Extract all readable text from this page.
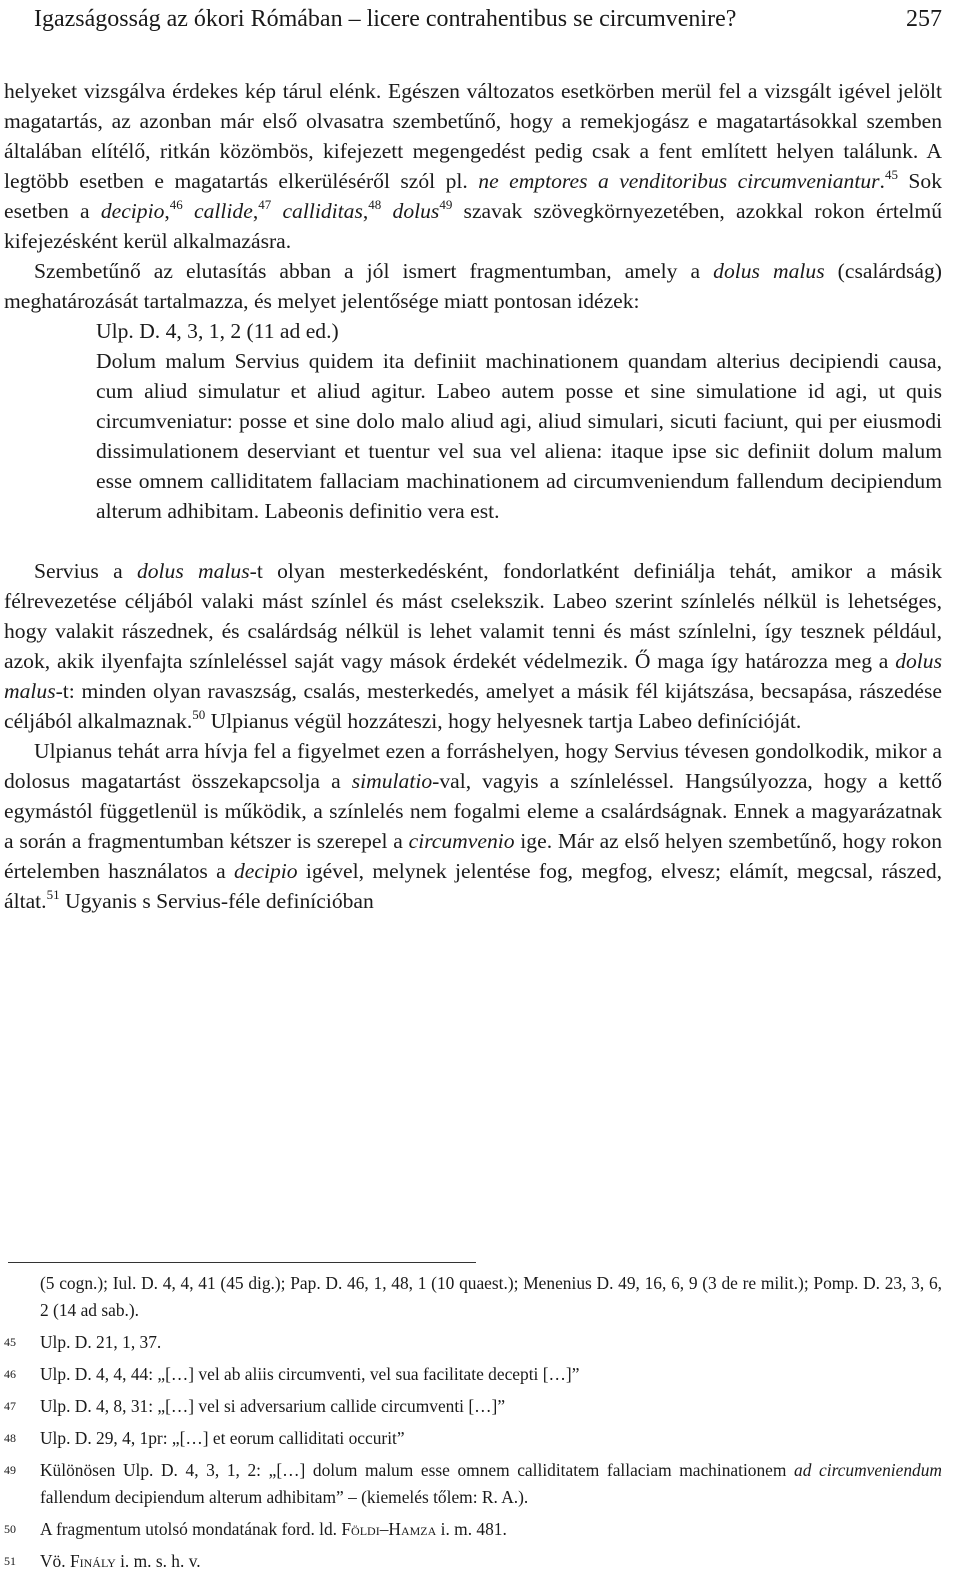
Igazságosság az ókori Rómában – licere contrahentibus se circumvenire?	257

helyeket vizsgálva érdekes kép tárul elénk. Egészen változatos esetkörben merül fel a vizsgált igével jelölt magatartás, az azonban már első olvasatra szembetűnő, hogy a remekjogász e magatartásokkal szemben általában elítélő, ritkán közömbös, kifejezett megengedést pedig csak a fent említett helyen találunk. A legtöbb esetben e magatartás elkerüléséről szól pl. ne emptores a venditoribus circumveniantur.$^{45}$ Sok esetben a decipio,$^{46}$ callide,$^{47}$ calliditas,$^{48}$ dolus$^{49}$ szavak szövegkörnyezetében, azokkal rokon értelmű kifejezésként kerül alkalmazásra.

Szembetűnő az elutasítás abban a jól ismert fragmentumban, amely a dolus malus (csalárdság) meghatározását tartalmazza, és melyet jelentősége miatt pontosan idézek:

Ulp. D. 4, 3, 1, 2 (11 ad ed.)

Dolum malum Servius quidem ita definiit machinationem quandam alterius decipiendi causa, cum aliud simulatur et aliud agitur. Labeo autem posse et sine simulatione id agi, ut quis circumveniatur: posse et sine dolo malo aliud agi, aliud simulari, sicuti faciunt, qui per eiusmodi dissimulationem deserviant et tuentur vel sua vel aliena: itaque ipse sic definiit dolum malum esse omnem calliditatem fallaciam machinationem ad circumveniendum fallendum decipiendum alterum adhibitam. Labeonis definitio vera est.

Servius a dolus malus-t olyan mesterkedésként, fondorlatként definiálja tehát, amikor a másik félrevezetése céljából valaki mást színlel és mást cselekszik. Labeo szerint színlelés nélkül is lehetséges, hogy valakit rászednek, és csalárdság nélkül is lehet valamit tenni és mást színlelni, így tesznek például, azok, akik ilyenfajta színleléssel saját vagy mások érdekét védelmezik. Ő maga így határozza meg a dolus malus-t: minden olyan ravaszság, csalás, mesterkedés, amelyet a másik fél kijátszása, becsapása, rászedése céljából alkalmaznak.$^{50}$ Ulpianus végül hozzáteszi, hogy helyesnek tartja Labeo definícióját.

Ulpianus tehát arra hívja fel a figyelmet ezen a forráshelyen, hogy Servius tévesen gondolkodik, mikor a dolosus magatartást összekapcsolja a simulatio-val, vagyis a színleléssel. Hangsúlyozza, hogy a kettő egymástól függetlenül is működik, a színlelés nem fogalmi eleme a csalárdságnak. Ennek a magyarázatnak a során a fragmentumban kétszer is szerepel a circumvenio ige. Már az első helyen szembetűnő, hogy rokon értelemben használatos a decipio igével, melynek jelentése fog, megfog, elvesz; elámít, megcsal, rászed, áltat.$^{51}$ Ugyanis s Servius-féle definícióban

(5 cogn.); Iul. D. 4, 4, 41 (45 dig.); Pap. D. 46, 1, 48, 1 (10 quaest.); Menenius D. 49, 16, 6, 9 (3 de re milit.); Pomp. D. 23, 3, 6, 2 (14 ad sab.).
45	Ulp. D. 21, 1, 37.
46	Ulp. D. 4, 4, 44: „[…] vel ab aliis circumventi, vel sua facilitate decepti […]”
47	Ulp. D. 4, 8, 31: „[…] vel si adversarium callide circumventi […]”
48	Ulp. D. 29, 4, 1pr: „[…] et eorum calliditati occurit”
49	Különösen Ulp. D. 4, 3, 1, 2: „[…] dolum malum esse omnem calliditatem fallaciam machinationem ad circumveniendum fallendum decipiendum alterum adhibitam” – (kiemelés tőlem: R. A.).
50	A fragmentum utolsó mondatának ford. ld. Földi–Hamza i. m. 481.
51	Vö. Finály i. m. s. h. v.
